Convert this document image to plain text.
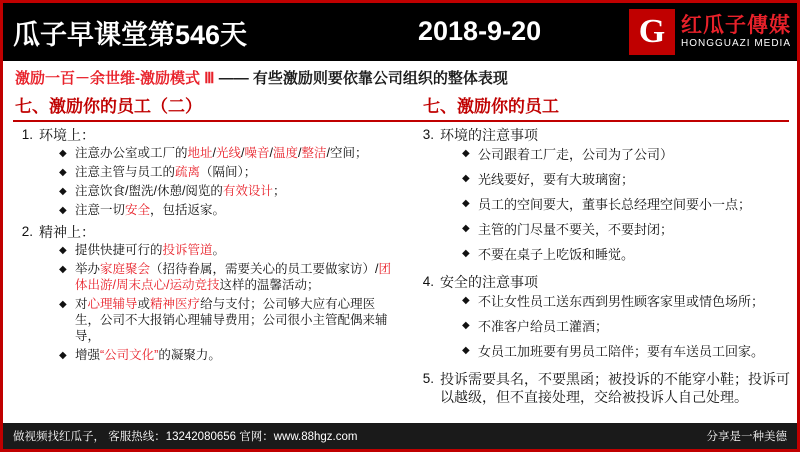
瓜子早课堂第546天	2018-9-20	G 红瓜子傳媒
HONGGUAZI MEDIA
激励一百－余世维-激励模式 Ⅲ —— 有些激励则要依靠公司组织的整体表现
七、激励你的员工（二）	七、激励你的员工
1. 环境上：
◆ 注意办公室或工厂的地址/光线/噪音/温度/整洁/空间；
◆ 注意主管与员工的疏离（隔间）；
◆ 注意饮食/盥洗/休憩/阅览的有效设计；
◆ 注意一切安全，包括返家。
2. 精神上：
◆ 提供快捷可行的投诉管道。
◆ 举办家庭聚会（招待眷属，需要关心的员工要做家访）/团体出游/周末点心/运动竞技这样的温馨活动；
◆ 对心理辅导或精神医疗给与支付；公司够大应有心理医生，公司不大报销心理辅导费用；公司很小主管配偶来辅导，
◆ 增强“公司文化”的凝聚力。
3. 环境的注意事项
◆ 公司跟着工厂走，公司为了公司）
◆ 光线要好，要有大玻璃窗；
◆ 员工的空间要大，董事长总经理空间要小一点；
◆ 主管的门尽量不要关，不要封闭；
◆ 不要在桌子上吃饭和睡觉。
4. 安全的注意事项
◆ 不让女性员工送东西到男性顾客家里或情色场所；
◆ 不准客户给员工灌酒；
◆ 女员工加班要有男员工陪伴；要有车送员工回家。
5. 投诉需要具名，不要黑函；被投诉的不能穿小鞋；投诉可以越级，但不直接处理，交给被投诉人自己处理。
做视频找红瓜子， 客服热线：13242080656 官网：www.88hgz.com	分享是一种美德
